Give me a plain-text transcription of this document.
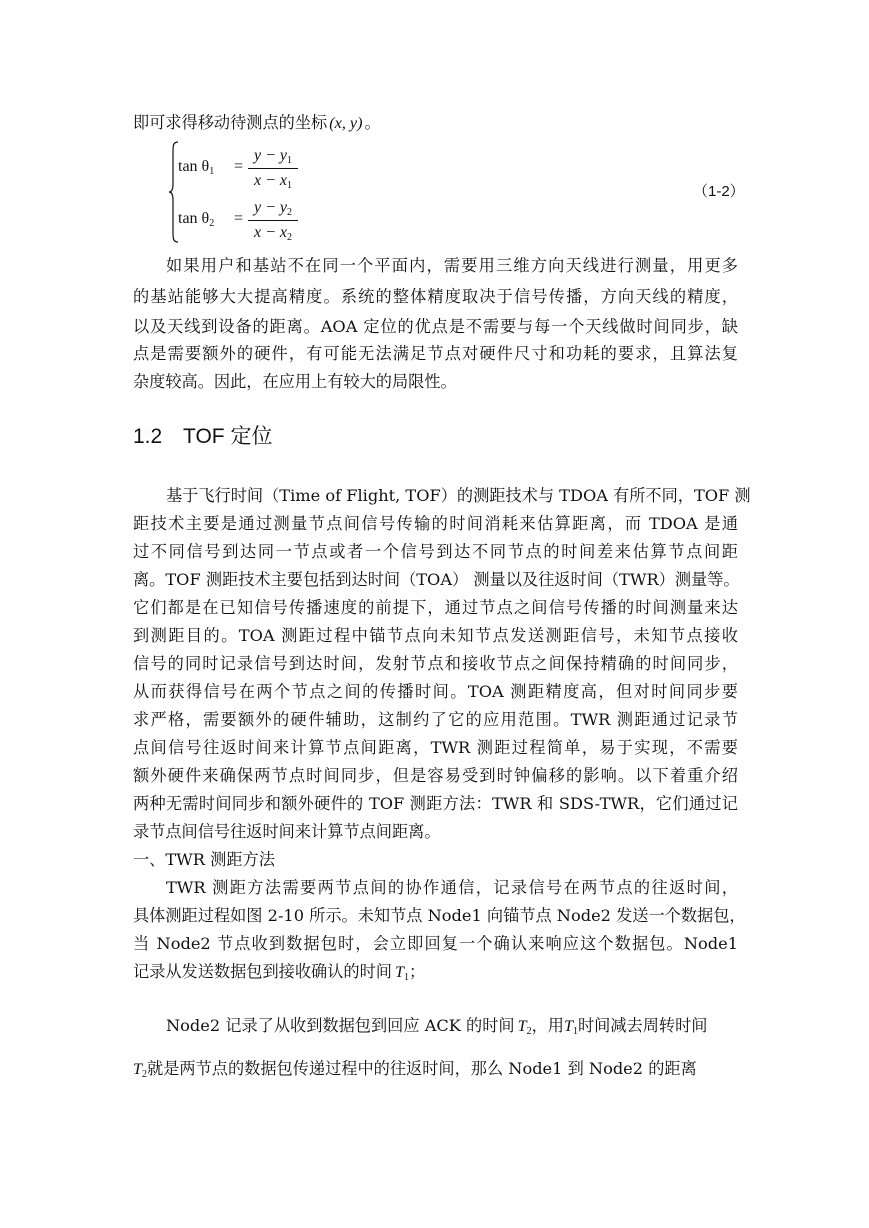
即可求得移动待测点的坐标 (x, y) 。
$\tan \theta_1$ =
$y - y_1$
$x - x_1$
$\tan \theta_2$ =
$y - y_2$
$x - x_2$
（1-2）
如果用户和基站不在同一个平面内，需要用三维方向天线进行测量，用更多
的基站能够大大提高精度。系统的整体精度取决于信号传播，方向天线的精度，
以及天线到设备的距离。AOA 定位的优点是不需要与每一个天线做时间同步，缺
点是需要额外的硬件，有可能无法满足节点对硬件尺寸和功耗的要求，且算法复
杂度较高。因此，在应用上有较大的局限性。
1.2 TOF 定位
基于飞行时间（Time of Flight, TOF）的测距技术与 TDOA 有所不同，TOF 测
距技术主要是通过测量节点间信号传输的时间消耗来估算距离，而 TDOA 是通
过不同信号到达同一节点或者一个信号到达不同节点的时间差来估算节点间距
离。TOF 测距技术主要包括到达时间（TOA） 测量以及往返时间（TWR）测量等。
它们都是在已知信号传播速度的前提下，通过节点之间信号传播的时间测量来达
到测距目的。TOA 测距过程中锚节点向未知节点发送测距信号，未知节点接收
信号的同时记录信号到达时间，发射节点和接收节点之间保持精确的时间同步，
从而获得信号在两个节点之间的传播时间。TOA 测距精度高，但对时间同步要
求严格，需要额外的硬件辅助，这制约了它的应用范围。TWR 测距通过记录节
点间信号往返时间来计算节点间距离，TWR 测距过程简单，易于实现，不需要
额外硬件来确保两节点时间同步，但是容易受到时钟偏移的影响。以下着重介绍
两种无需时间同步和额外硬件的 TOF 测距方法：TWR 和 SDS-TWR，它们通过记
录节点间信号往返时间来计算节点间距离。
一、TWR 测距方法
TWR 测距方法需要两节点间的协作通信，记录信号在两节点的往返时间，
具体测距过程如图 2-10 所示。未知节点 Node1 向锚节点 Node2 发送一个数据包，
当 Node2 节点收到数据包时，会立即回复一个确认来响应这个数据包。Node1
记录从发送数据包到接收确认的时间 $T_1$；
Node2 记录了从收到数据包到回应 ACK 的时间 $T_2$，用$T_1$时间减去周转时间
$T_2$就是两节点的数据包传递过程中的往返时间，那么 Node1 到 Node2 的距离
